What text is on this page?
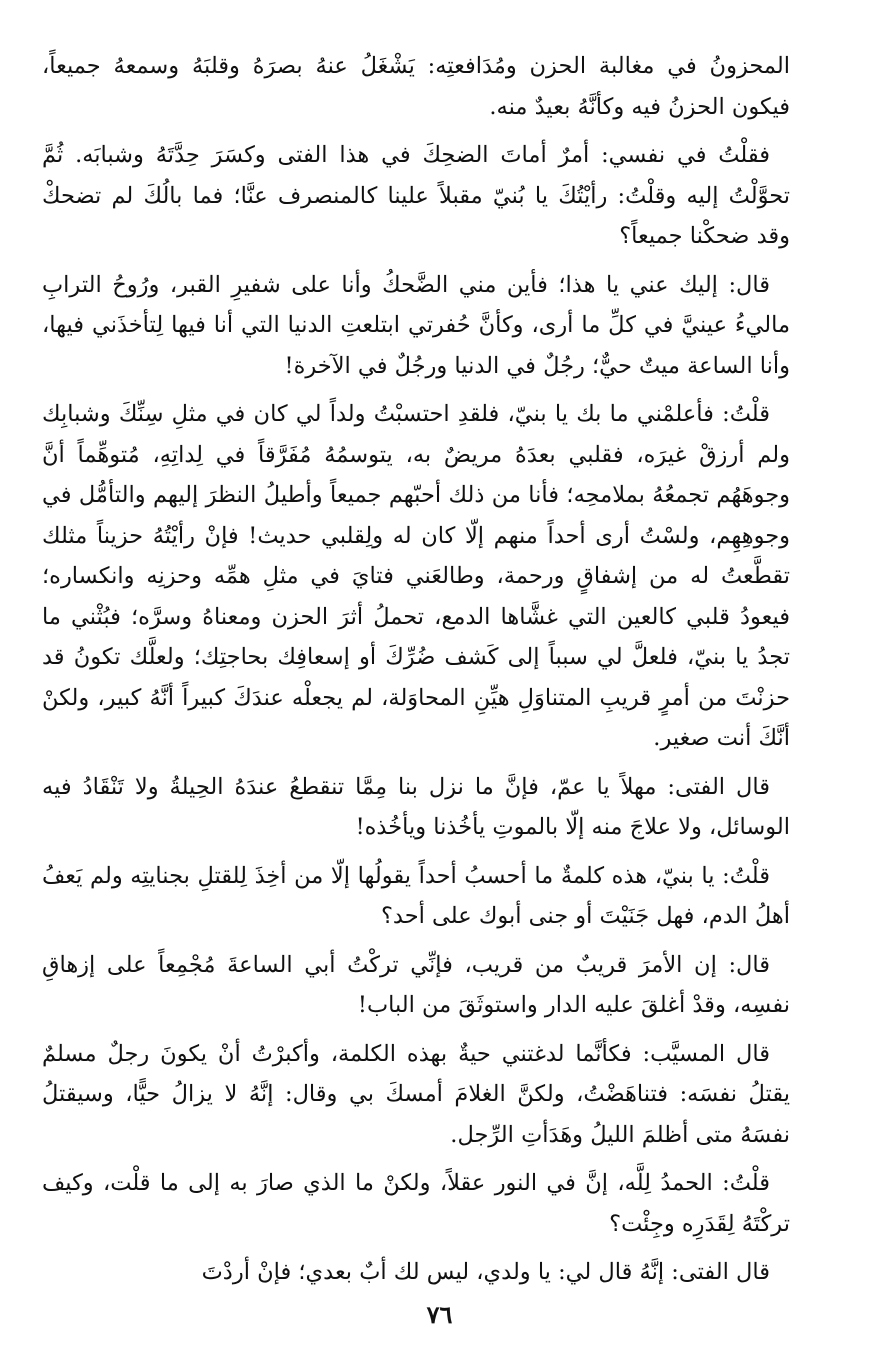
المحزونُ في مغالبة الحزن ومُدَافعتِه: يَشْغَلُ عنهُ بصرَهُ وقلبَهُ وسمعهُ جميعاً، فيكون الحزنُ فيه وكأنَّهُ بعيدٌ منه.

فقلْتُ في نفسي: أمرٌ أماتَ الضحِكَ في هذا الفتى وكسَرَ حِدَّتَهُ وشبابَه. ثُمَّ تحوَّلْتُ إليه وقلْتُ: رأيْتُكَ يا بُنيّ مقبلاً علينا كالمنصرف عنَّا؛ فما بالُكَ لم تضحكْ وقد ضحكْنا جميعاً؟

قال: إليك عني يا هذا؛ فأين مني الضَّحكُ وأنا على شفيرِ القبر، ورُوحُ الترابِ ماليءُ عينيَّ في كلِّ ما أرى، وكأنَّ حُفرتي ابتلعتِ الدنيا التي أنا فيها لِتأخذَني فيها، وأنا الساعة ميتٌ حيٌّ؛ رجُلٌ في الدنيا ورجُلٌ في الآخرة!

قلْتُ: فأعلمْني ما بك يا بنيّ، فلقدِ احتسبْتُ ولداً لي كان في مثلِ سِنِّكَ وشبابِك ولم أرزقْ غيرَه، فقلبي بعدَهُ مريضٌ به، يتوسمُهُ مُفَرَّقاً في لِداتِهِ، مُتوهِّماً أنَّ وجوهَهُم تجمعُهُ بملامحِه؛ فأنا من ذلك أحبّهم جميعاً وأطيلُ النظرَ إليهم والتأمُّل في وجوهِهِم، ولسْتُ أرى أحداً منهم إلّا كان له ولِقلبي حديث! فإنْ رأيْتُهُ حزيناً مثلك تقطَّعتُ له من إشفاقٍ ورحمة، وطالعَني فتايَ في مثلِ همِّه وحزنِه وانكساره؛ فيعودُ قلبي كالعين التي غشَّاها الدمع، تحملُ أثرَ الحزن ومعناهُ وسرَّه؛ فبُثْني ما تجدُ يا بنيّ، فلعلَّ لي سبباً إلى كَشف ضُرِّكَ أو إسعافِك بحاجتِك؛ ولعلَّك تكونُ قد حزنْتَ من أمرٍ قريبِ المتناوَلِ هيِّنِ المحاوَلة، لم يجعلْه عندَكَ كبيراً أنَّهُ كبير، ولكنْ أنَّكَ أنت صغير.

قال الفتى: مهلاً يا عمّ، فإنَّ ما نزل بنا مِمَّا تنقطعُ عندَهُ الحِيلةُ ولا تَنْقَادُ فيه الوسائل، ولا علاجَ منه إلّا بالموتِ يأخُذنا ويأخُذه!

قلْتُ: يا بنيّ، هذه كلمةٌ ما أحسبُ أحداً يقولُها إلّا من أخِذَ لِلقتلِ بجنايتِه ولم يَعفُ أهلُ الدم، فهل جَنَيْتَ أو جنى أبوك على أحد؟

قال: إن الأمرَ قريبٌ من قريب، فإنِّي تركْتُ أبي الساعةَ مُجْمِعاً على إزهاقِ نفسِه، وقدْ أغلقَ عليه الدار واستوثَقَ من الباب!

قال المسيَّب: فكأنَّما لدغتني حيةٌ بهذه الكلمة، وأكبرْتُ أنْ يكونَ رجلٌ مسلمٌ يقتلُ نفسَه: فتناهَضْتُ، ولكنَّ الغلامَ أمسكَ بي وقال: إنَّهُ لا يزالُ حيًّا، وسيقتلُ نفسَهُ متى أظلمَ الليلُ وهَدَأتِ الرِّجل.

قلْتُ: الحمدُ لِلَّه، إنَّ في النور عقلاً، ولكنْ ما الذي صارَ به إلى ما قلْت، وكيف تركْتَهُ لِقَدَرِه وجِئْت؟

قال الفتى: إنَّهُ قال لي: يا ولدي، ليس لك أبٌ بعدي؛ فإنْ أردْتَ

٧٦
